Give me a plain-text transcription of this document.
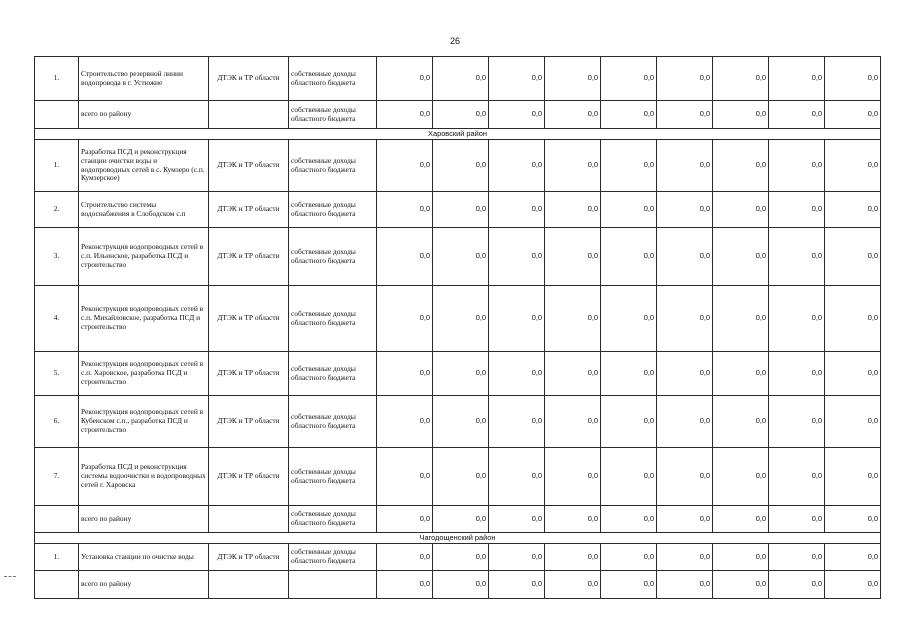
26
1.	Строительство резервной линии водопровода в г. Устюжне	ДТЭК и ТР области	собственные доходы областного бюджета	0,0	0,0	0,0	0,0	0,0	0,0	0,0	0,0	0,0
	всего по району		собственные доходы областного бюджета	0,0	0,0	0,0	0,0	0,0	0,0	0,0	0,0	0,0
Харовский район												
1.	Разработка ПСД и реконструкция станции очистки воды и водопроводных сетей в с. Кумзеро (с.п. Кумзерское)	ДТЭК и ТР области	собственные доходы областного бюджета	0,0	0,0	0,0	0,0	0,0	0,0	0,0	0,0	0,0
2.	Строительство системы водоснабжения в Слободском с.п	ДТЭК и ТР области	собственные доходы областного бюджета	0,0	0,0	0,0	0,0	0,0	0,0	0,0	0,0	0,0
3.	Реконструкция водопроводных сетей в с.п. Ильинское, разработка ПСД и строительство	ДТЭК и ТР области	собственные доходы областного бюджета	0,0	0,0	0,0	0,0	0,0	0,0	0,0	0,0	0,0
4.	Реконструкция водопроводных сетей в с.п. Михайловское, разработка ПСД и строительство	ДТЭК и ТР области	собственные доходы областного бюджета	0,0	0,0	0,0	0,0	0,0	0,0	0,0	0,0	0,0
5.	Реконструкция водопроводных сетей в с.п. Харовское, разработка ПСД и строительство	ДТЭК и ТР области	собственные доходы областного бюджета	0,0	0,0	0,0	0,0	0,0	0,0	0,0	0,0	0,0
6.	Реконструкция водопроводных сетей в Кубенском с.п., разработка ПСД и строительство	ДТЭК и ТР области	собственные доходы областного бюджета	0,0	0,0	0,0	0,0	0,0	0,0	0,0	0,0	0,0
7.	Разработка ПСД и реконструкция системы водоочистки и водопроводных сетей г. Харовска	ДТЭК и ТР области	собственные доходы областного бюджета	0,0	0,0	0,0	0,0	0,0	0,0	0,0	0,0	0,0
	всего по району		собственные доходы областного бюджета	0,0	0,0	0,0	0,0	0,0	0,0	0,0	0,0	0,0
Чагодощенский район												
1.	Установка станции по очистке воды	ДТЭК и ТР области	собственные доходы областного бюджета	0,0	0,0	0,0	0,0	0,0	0,0	0,0	0,0	0,0
	всего по району			0,0	0,0	0,0	0,0	0,0	0,0	0,0	0,0	0,0
